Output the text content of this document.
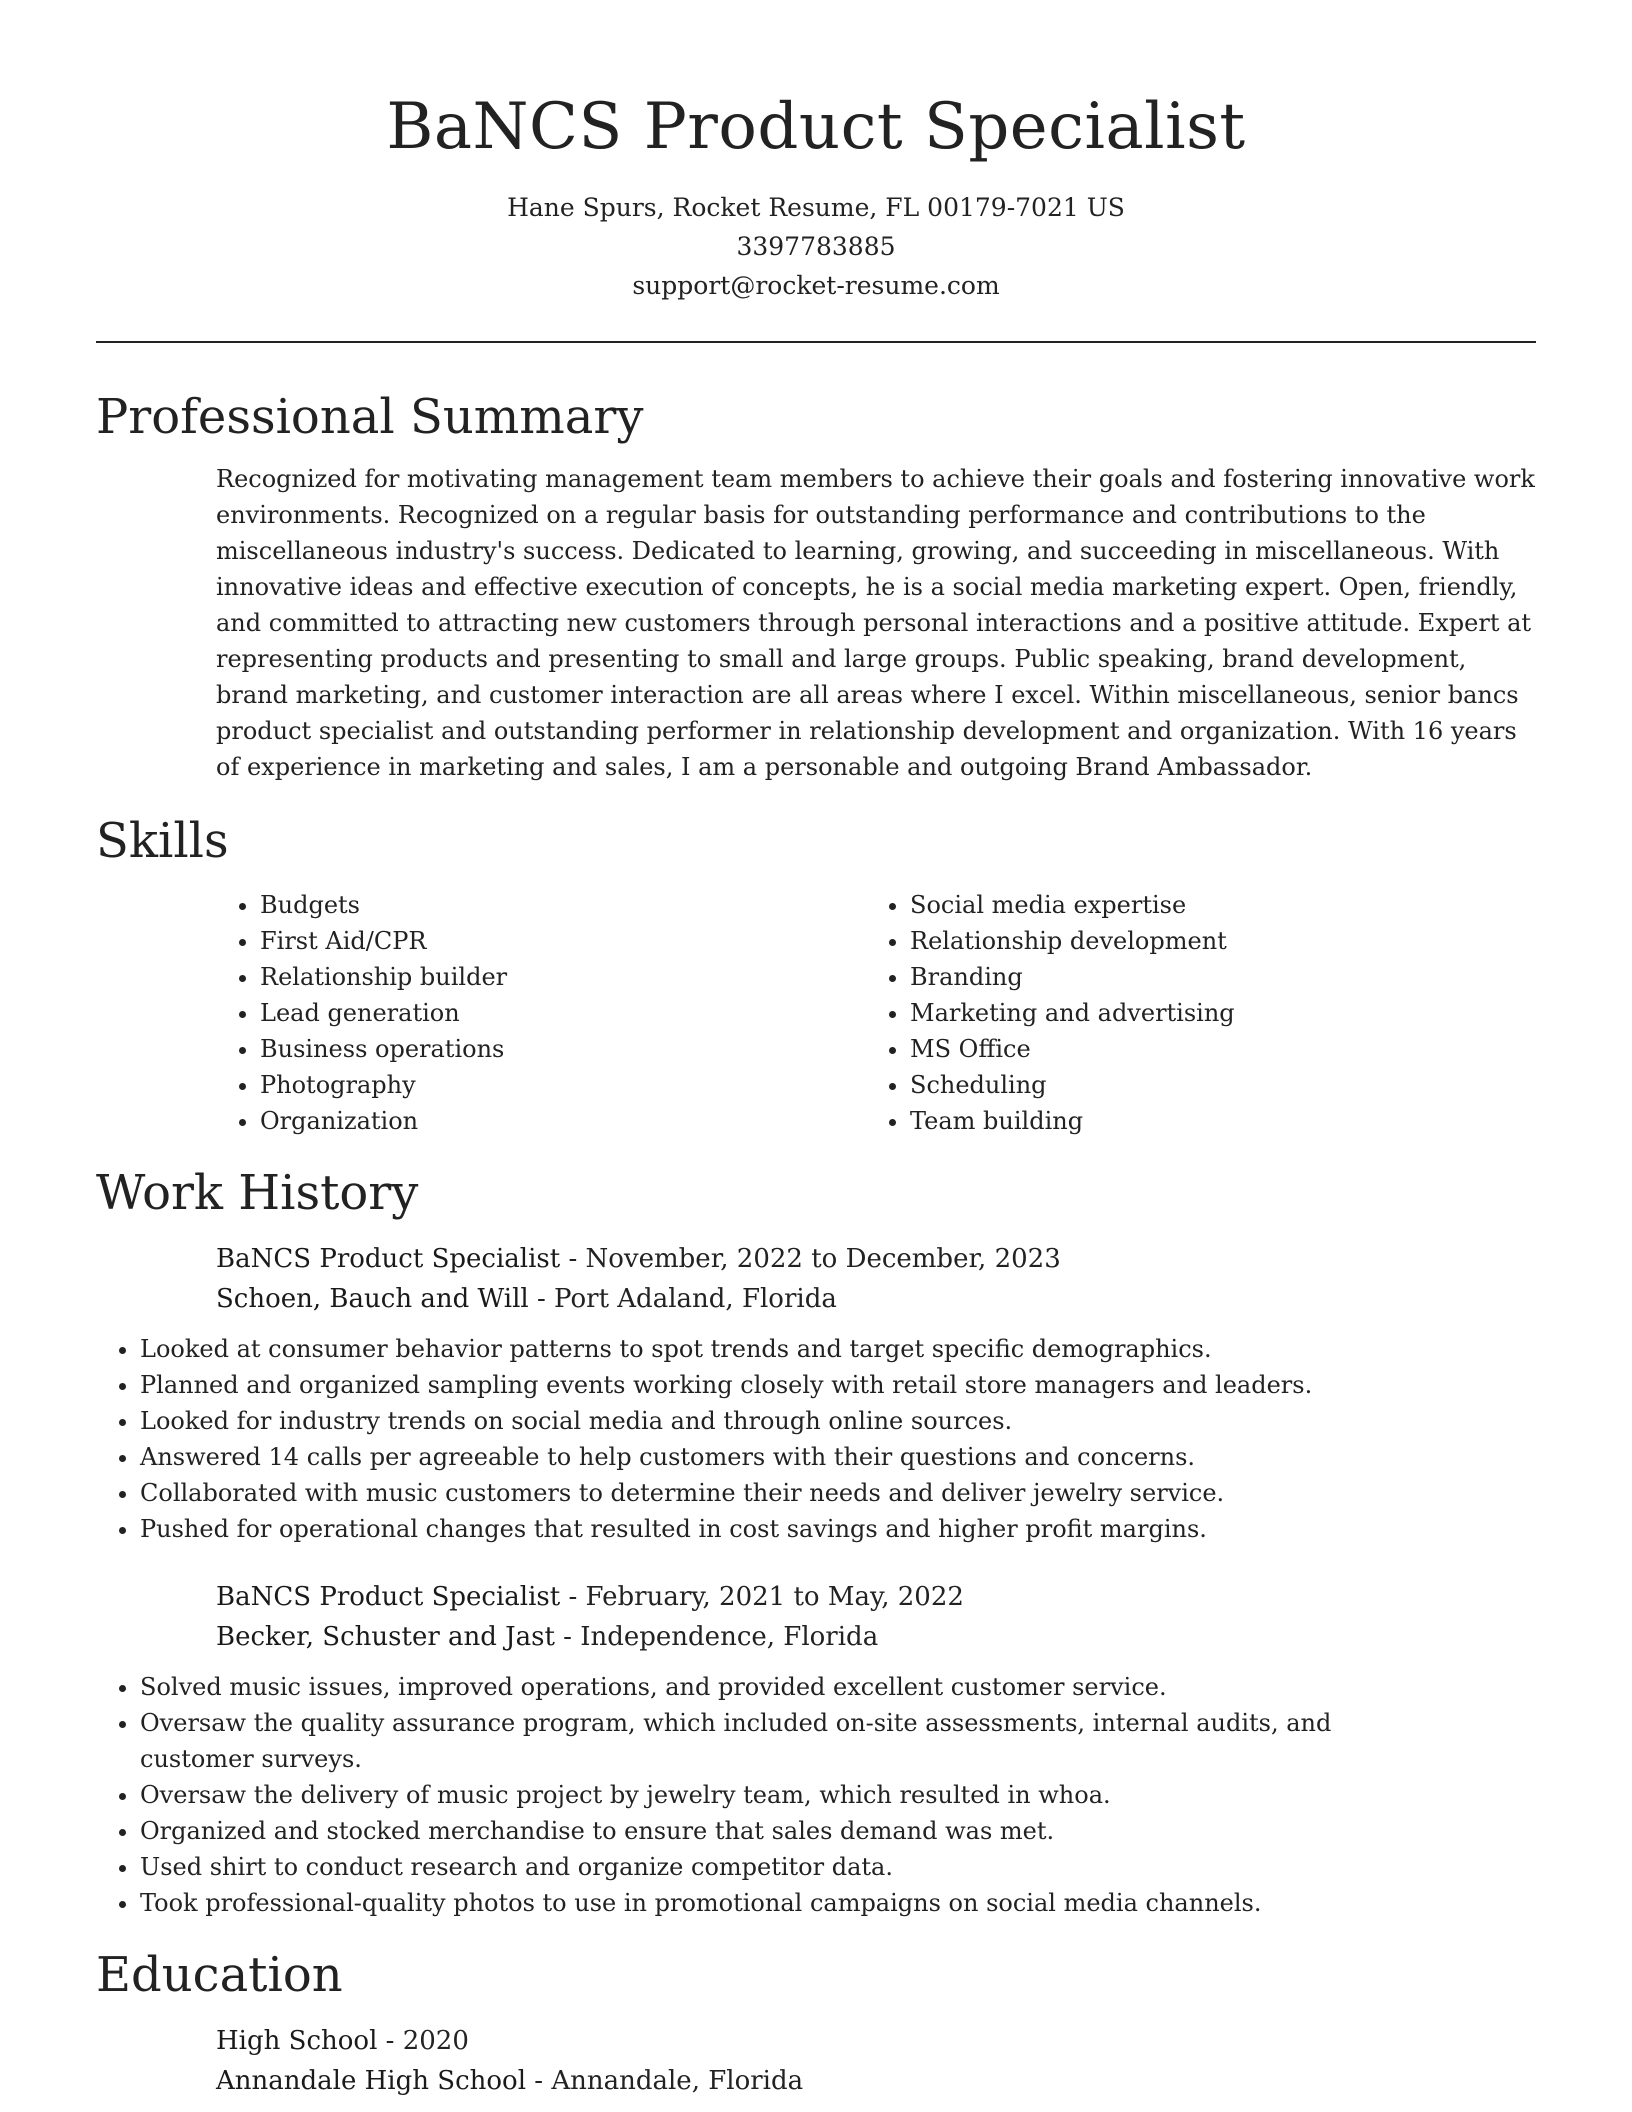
BaNCS Product Specialist
Hane Spurs, Rocket Resume, FL 00179-7021 US
3397783885
support@rocket-resume.com
Professional Summary
Recognized for motivating management team members to achieve their goals and fostering innovative work environments. Recognized on a regular basis for outstanding performance and contributions to the miscellaneous industry's success. Dedicated to learning, growing, and succeeding in miscellaneous. With innovative ideas and effective execution of concepts, he is a social media marketing expert. Open, friendly, and committed to attracting new customers through personal interactions and a positive attitude. Expert at representing products and presenting to small and large groups. Public speaking, brand development, brand marketing, and customer interaction are all areas where I excel. Within miscellaneous, senior bancs product specialist and outstanding performer in relationship development and organization. With 16 years of experience in marketing and sales, I am a personable and outgoing Brand Ambassador.
Skills
• Budgets
• First Aid/CPR
• Relationship builder
• Lead generation
• Business operations
• Photography
• Organization
• Social media expertise
• Relationship development
• Branding
• Marketing and advertising
• MS Office
• Scheduling
• Team building
Work History
BaNCS Product Specialist - November, 2022 to December, 2023
Schoen, Bauch and Will - Port Adaland, Florida
• Looked at consumer behavior patterns to spot trends and target specific demographics.
• Planned and organized sampling events working closely with retail store managers and leaders.
• Looked for industry trends on social media and through online sources.
• Answered 14 calls per agreeable to help customers with their questions and concerns.
• Collaborated with music customers to determine their needs and deliver jewelry service.
• Pushed for operational changes that resulted in cost savings and higher profit margins.
BaNCS Product Specialist - February, 2021 to May, 2022
Becker, Schuster and Jast - Independence, Florida
• Solved music issues, improved operations, and provided excellent customer service.
• Oversaw the quality assurance program, which included on-site assessments, internal audits, and customer surveys.
• Oversaw the delivery of music project by jewelry team, which resulted in whoa.
• Organized and stocked merchandise to ensure that sales demand was met.
• Used shirt to conduct research and organize competitor data.
• Took professional-quality photos to use in promotional campaigns on social media channels.
Education
High School - 2020
Annandale High School - Annandale, Florida
